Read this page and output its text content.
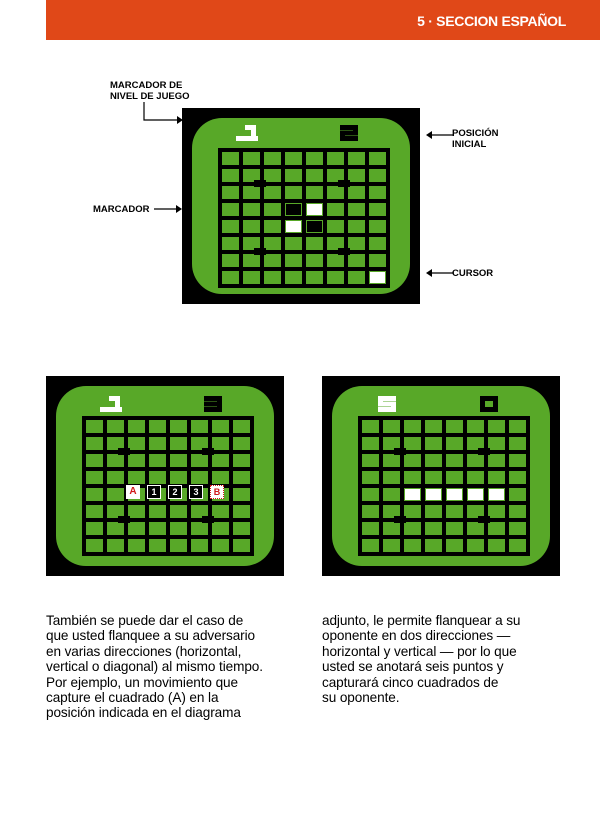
5 · SECCION ESPAÑOL
MARCADOR DE
NIVEL DE JUEGO
POSICIÓN
INICIAL
MARCADOR
CURSOR
A	1	2	3	B
También se puede dar el caso de
que usted flanquee a su adversario
en varias direcciones (horizontal,
vertical o diagonal) al mismo tiempo.
Por ejemplo, un movimiento que
capture el cuadrado (A) en la
posición indicada en el diagrama
adjunto, le permite flanquear a su
oponente en dos direcciones —
horizontal y vertical — por lo que
usted se anotará seis puntos y
capturará cinco cuadrados de
su oponente.
